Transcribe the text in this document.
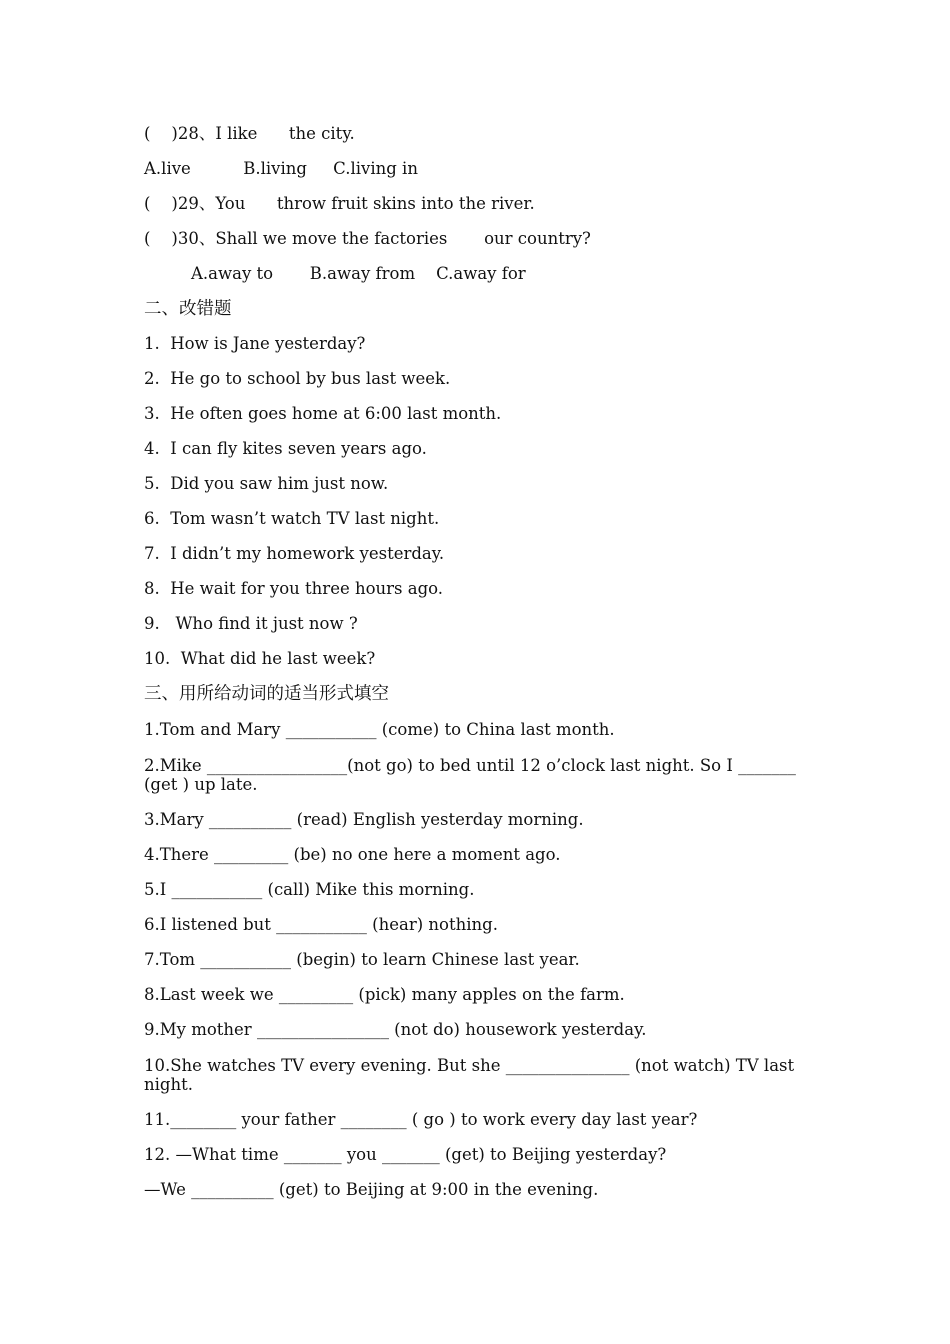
(    )28、I like      the city.
A.live          B.living     C.living in
(    )29、You      throw fruit skins into the river.
(    )30、Shall we move the factories       our country?
A.away to       B.away from    C.away for
二、改错题
1.  How is Jane yesterday?
2.  He go to school by bus last week.
3.  He often goes home at 6:00 last month.
4.  I can fly kites seven years ago.
5.  Did you saw him just now.
6.  Tom wasn’t watch TV last night.
7.  I didn’t my homework yesterday.
8.  He wait for you three hours ago.
9.   Who find it just now ?
10.  What did he last week?
三、用所给动词的适当形式填空
1.Tom and Mary ___________ (come) to China last month.
2.Mike _________________(not go) to bed until 12 o’clock last night. So I _______ (get ) up late.
3.Mary __________ (read) English yesterday morning.
4.There _________ (be) no one here a moment ago.
5.I ___________ (call) Mike this morning.
6.I listened but ___________ (hear) nothing.
7.Tom ___________ (begin) to learn Chinese last year.
8.Last week we _________ (pick) many apples on the farm.
9.My mother ________________ (not do) housework yesterday.
10.She watches TV every evening. But she _______________ (not watch) TV last night.
11.________ your father ________ ( go ) to work every day last year?
12. —What time _______ you _______ (get) to Beijing yesterday?
—We __________ (get) to Beijing at 9:00 in the evening.
